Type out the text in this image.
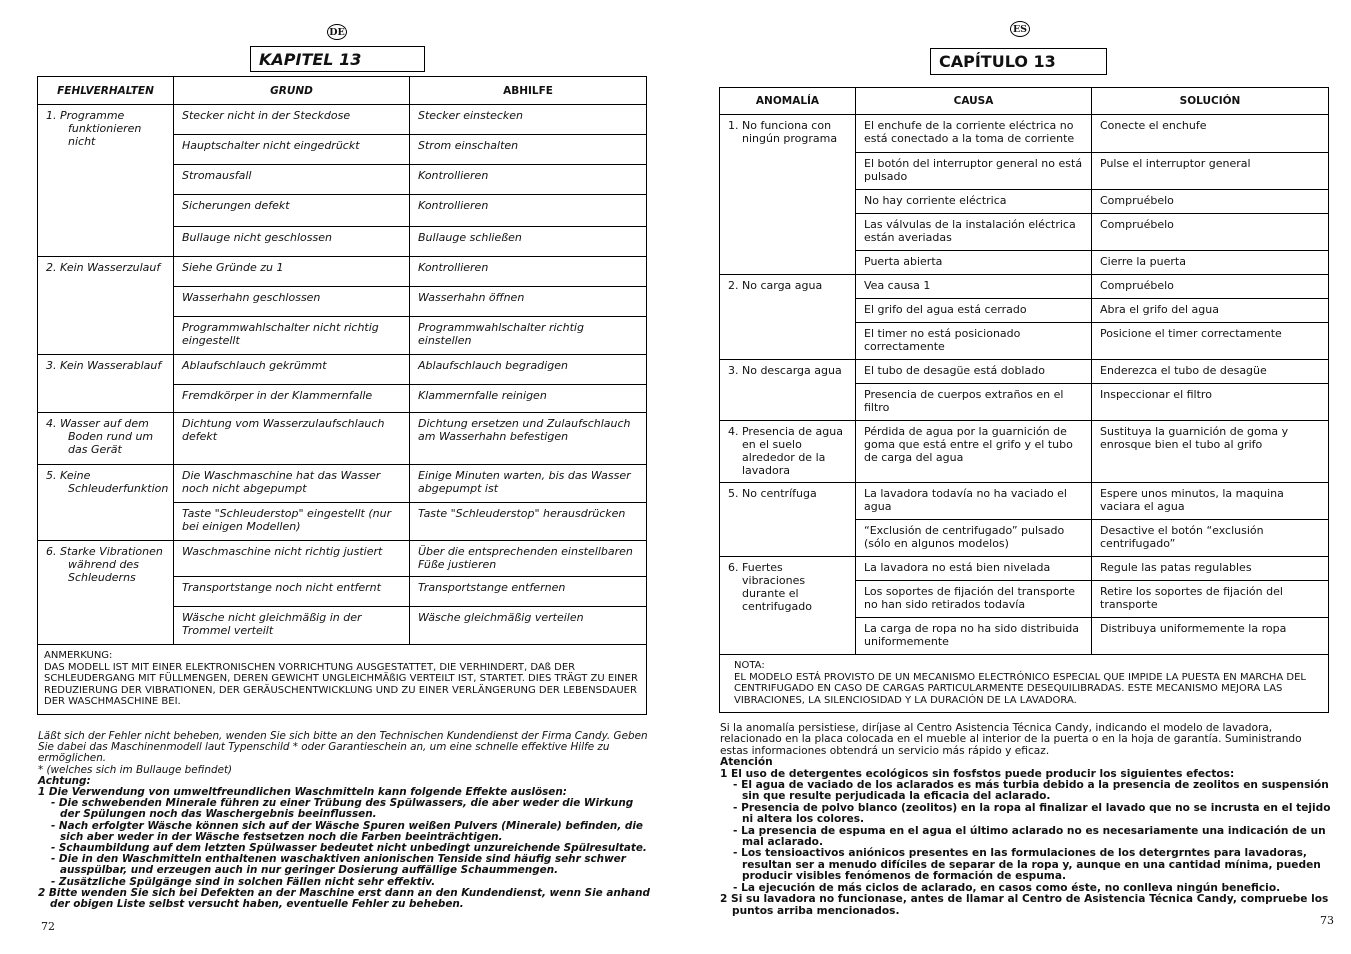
DE
KAPITEL 13
FEHLVERHALTEN	GRUND	ABHILFE
1. Programme funktionieren nicht	Stecker nicht in der Steckdose	Stecker einstecken
	Hauptschalter nicht eingedrückt	Strom einschalten
	Stromausfall	Kontrollieren
	Sicherungen defekt	Kontrollieren
	Bullauge nicht geschlossen	Bullauge schließen
2. Kein Wasserzulauf	Siehe Gründe zu 1	Kontrollieren
	Wasserhahn geschlossen	Wasserhahn öffnen
	Programmwahlschalter nicht richtig eingestellt	Programmwahlschalter richtig einstellen
3. Kein Wasserablauf	Ablaufschlauch gekrümmt	Ablaufschlauch begradigen
	Fremdkörper in der Klammernfalle	Klammernfalle reinigen
4. Wasser auf dem Boden rund um das Gerät	Dichtung vom Wasserzulaufschlauch defekt	Dichtung ersetzen und Zulaufschlauch am Wasserhahn befestigen
5. Keine Schleuderfunktion	Die Waschmaschine hat das Wasser noch nicht abgepumpt	Einige Minuten warten, bis das Wasser abgepumpt ist
	Taste "Schleuderstop" eingestellt (nur bei einigen Modellen)	Taste "Schleuderstop" herausdrücken
6. Starke Vibrationen während des Schleuderns	Waschmaschine nicht richtig justiert	Über die entsprechenden einstellbaren Füße justieren
	Transportstange noch nicht entfernt	Transportstange entfernen
	Wäsche nicht gleichmäßig in der Trommel verteilt	Wäsche gleichmäßig verteilen

ANMERKUNG:
DAS MODELL IST MIT EINER ELEKTRONISCHEN VORRICHTUNG AUSGESTATTET, DIE VERHINDERT, DAß DER SCHLEUDERGANG MIT FÜLLMENGEN, DEREN GEWICHT UNGLEICHMÄßIG VERTEILT IST, STARTET. DIES TRÄGT ZU EINER REDUZIERUNG DER VIBRATIONEN, DER GERÄUSCHENTWICKLUNG UND ZU EINER VERLÄNGERUNG DER LEBENSDAUER DER WASCHMASCHINE BEI.		
Läßt sich der Fehler nicht beheben, wenden Sie sich bitte an den Technischen Kundendienst der Firma Candy. Geben Sie dabei das Maschinenmodell laut Typenschild * oder Garantieschein an, um eine schnelle effektive Hilfe zu ermöglichen.
* (welches sich im Bullauge befindet)
Achtung:
1 Die Verwendung von umweltfreundlichen Waschmitteln kann folgende Effekte auslösen:
- Die schwebenden Minerale führen zu einer Trübung des Spülwassers, die aber weder die Wirkung der Spülungen noch das Waschergebnis beeinflussen.
- Nach erfolgter Wäsche können sich auf der Wäsche Spuren weißen Pulvers (Minerale) befinden, die sich aber weder in der Wäsche festsetzen noch die Farben beeinträchtigen.
- Schaumbildung auf dem letzten Spülwasser bedeutet nicht unbedingt unzureichende Spülresultate.
- Die in den Waschmitteln enthaltenen waschaktiven anionischen Tenside sind häufig sehr schwer ausspülbar, und erzeugen auch in nur geringer Dosierung auffällige Schaummengen.
- Zusätzliche Spülgänge sind in solchen Fällen nicht sehr effektiv.
2 Bitte wenden Sie sich bei Defekten an der Maschine erst dann an den Kundendienst, wenn Sie anhand der obigen Liste selbst versucht haben, eventuelle Fehler zu beheben.
72
ES
CAPÍTULO 13
ANOMALÍA	CAUSA	SOLUCIÓN
1. No funciona con ningún programa	El enchufe de la corriente eléctrica no está conectado a la toma de corriente	Conecte el enchufe
	El botón del interruptor general no está pulsado	Pulse el interruptor general
	No hay corriente eléctrica	Compruébelo
	Las válvulas de la instalación eléctrica están averiadas	Compruébelo
	Puerta abierta	Cierre la puerta
2. No carga agua	Vea causa 1	Compruébelo
	El grifo del agua está cerrado	Abra el grifo del agua
	El timer no está posicionado correctamente	Posicione el timer correctamente
3. No descarga agua	El tubo de desagüe está doblado	Enderezca el tubo de desagüe
	Presencia de cuerpos extraños en el filtro	Inspeccionar el filtro
4. Presencia de agua en el suelo alrededor de la lavadora	Pérdida de agua por la guarnición de goma que está entre el grifo y el tubo de carga del agua	Sustituya la guarnición de goma y enrosque bien el tubo al grifo
5. No centrífuga	La lavadora todavía no ha vaciado el agua	Espere unos minutos, la maquina vaciara el agua
	“Exclusión de centrifugado” pulsado (sólo en algunos modelos)	Desactive el botón “exclusión centrifugado”
6. Fuertes vibraciones durante el centrifugado	La lavadora no está bien nivelada	Regule las patas regulables
	Los soportes de fijación del transporte no han sido retirados todavía	Retire los soportes de fijación del transporte
	La carga de ropa no ha sido distribuida uniformemente	Distribuya uniformemente la ropa

NOTA:
EL MODELO ESTÁ PROVISTO DE UN MECANISMO ELECTRÓNICO ESPECIAL QUE IMPIDE LA PUESTA EN MARCHA DEL CENTRIFUGADO EN CASO DE CARGAS PARTICULARMENTE DESEQUILIBRADAS. ESTE MECANISMO MEJORA LAS VIBRACIONES, LA SILENCIOSIDAD Y LA DURACIÓN DE LA LAVADORA.		
Si la anomalía persistiese, diríjase al Centro Asistencia Técnica Candy, indicando el modelo de lavadora, relacionado en la placa colocada en el mueble al interior de la puerta o en la hoja de garantía. Suministrando estas informaciones obtendrá un servicio más rápido y eficaz.
Atención
1 El uso de detergentes ecológicos sin fosfstos puede producir los siguientes efectos:
- El agua de vaciado de los aclarados es más turbia debido a la presencia de zeolitos en suspensión sin que resulte perjudicada la eficacia del aclarado.
- Presencia de polvo blanco (zeolitos) en la ropa al finalizar el lavado que no se incrusta en el tejido ni altera los colores.
- La presencia de espuma en el agua el último aclarado no es necesariamente una indicación de un mal aclarado.
- Los tensioactivos aniónicos presentes en las formulaciones de los detergrntes para lavadoras, resultan ser a menudo difíciles de separar de la ropa y, aunque en una cantidad mínima, pueden producir visibles fenómenos de formación de espuma.
- La ejecución de más ciclos de aclarado, en casos como éste, no conlleva ningún beneficio.
2 Si su lavadora no funcionase, antes de llamar al Centro de Asistencia Técnica Candy, compruebe los puntos arriba mencionados.
73
